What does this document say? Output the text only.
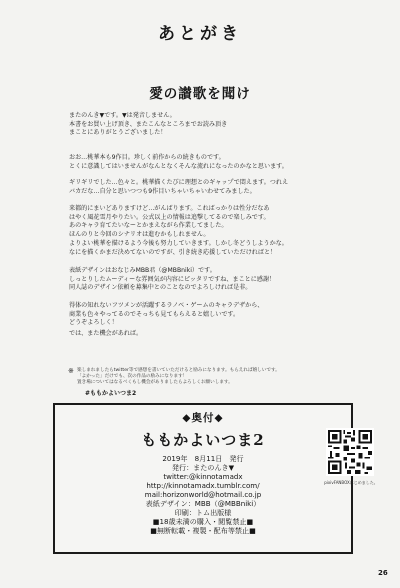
あとがき
愛の讃歌を聞け

またのんき▼です。▼は発音しません。
本書をお買い上げ頂き、またこんなところまでお読み頂き
まことにありがとうございました！

おお…桃華本も9作目。珍しく前作からの続きものです。
とくに意識してはいませんがなんとなくそんな流れになったのかなと思います。

ギリギリでした…色々と。桃華描くたびに理想とのギャップで悶えます。つれえ
バカだな…自分と思いつつも9作目いちゃいちゃいわせてみました。

来都的にまいどありますけど…がんばります。こればっかりは性分だなあ
はやく風花雪月やりたい。公式以上の情報は追撃してるので楽しみです。
あのキャラ育てたいなーとかまえながら作業してました。
ほんのりと今回のシナリオは進むかもしれません。

よりよい桃華を描けるよう今後も努力していきます。しかし冬どうしようかな。
なにを描くかまだ決めてないのですが、引き続き応援していただければと！

表紙デザインはおなじみMBB君（@MBBniki）です。
しっとりしたムーディーな雰囲気が内容にピッタリですね、まことに感謝！
同人誌のデザイン依頼を募集中とのことなのでよろしければ是非。

得体の知れないフツメンが活躍するラノベ・ゲームのキャラデザから、
商業も色々やってるのでそっちも見てもらえると嬉しいです。
どうぞよろしく！

では、また機会があれば。

※ 楽しまれましたらtwitter等で感想を書いていただけると励みになります。もらえれば嬉しいです。
「よかった」だけでも、次の作品の励みになります！
置き場についてはなるべくもし機会がありましたらよろしくお願いします。

#ももかよいつま2

◆奥付◆
ももかよいつま2
2019年　8月11日　発行
発行：またのんき▼
twitter:@kinnotamadx
http://kinnotamadx.tumblr.com/
mail:horizonworld@hotmail.co.jp
表紙デザイン：MBB（@MBBniki）
印刷：トム出版様
■18歳未満の購入・閲覧禁止■
■無断転載・複製・配布等禁止■

pixivFANBOXはじめました。

26
